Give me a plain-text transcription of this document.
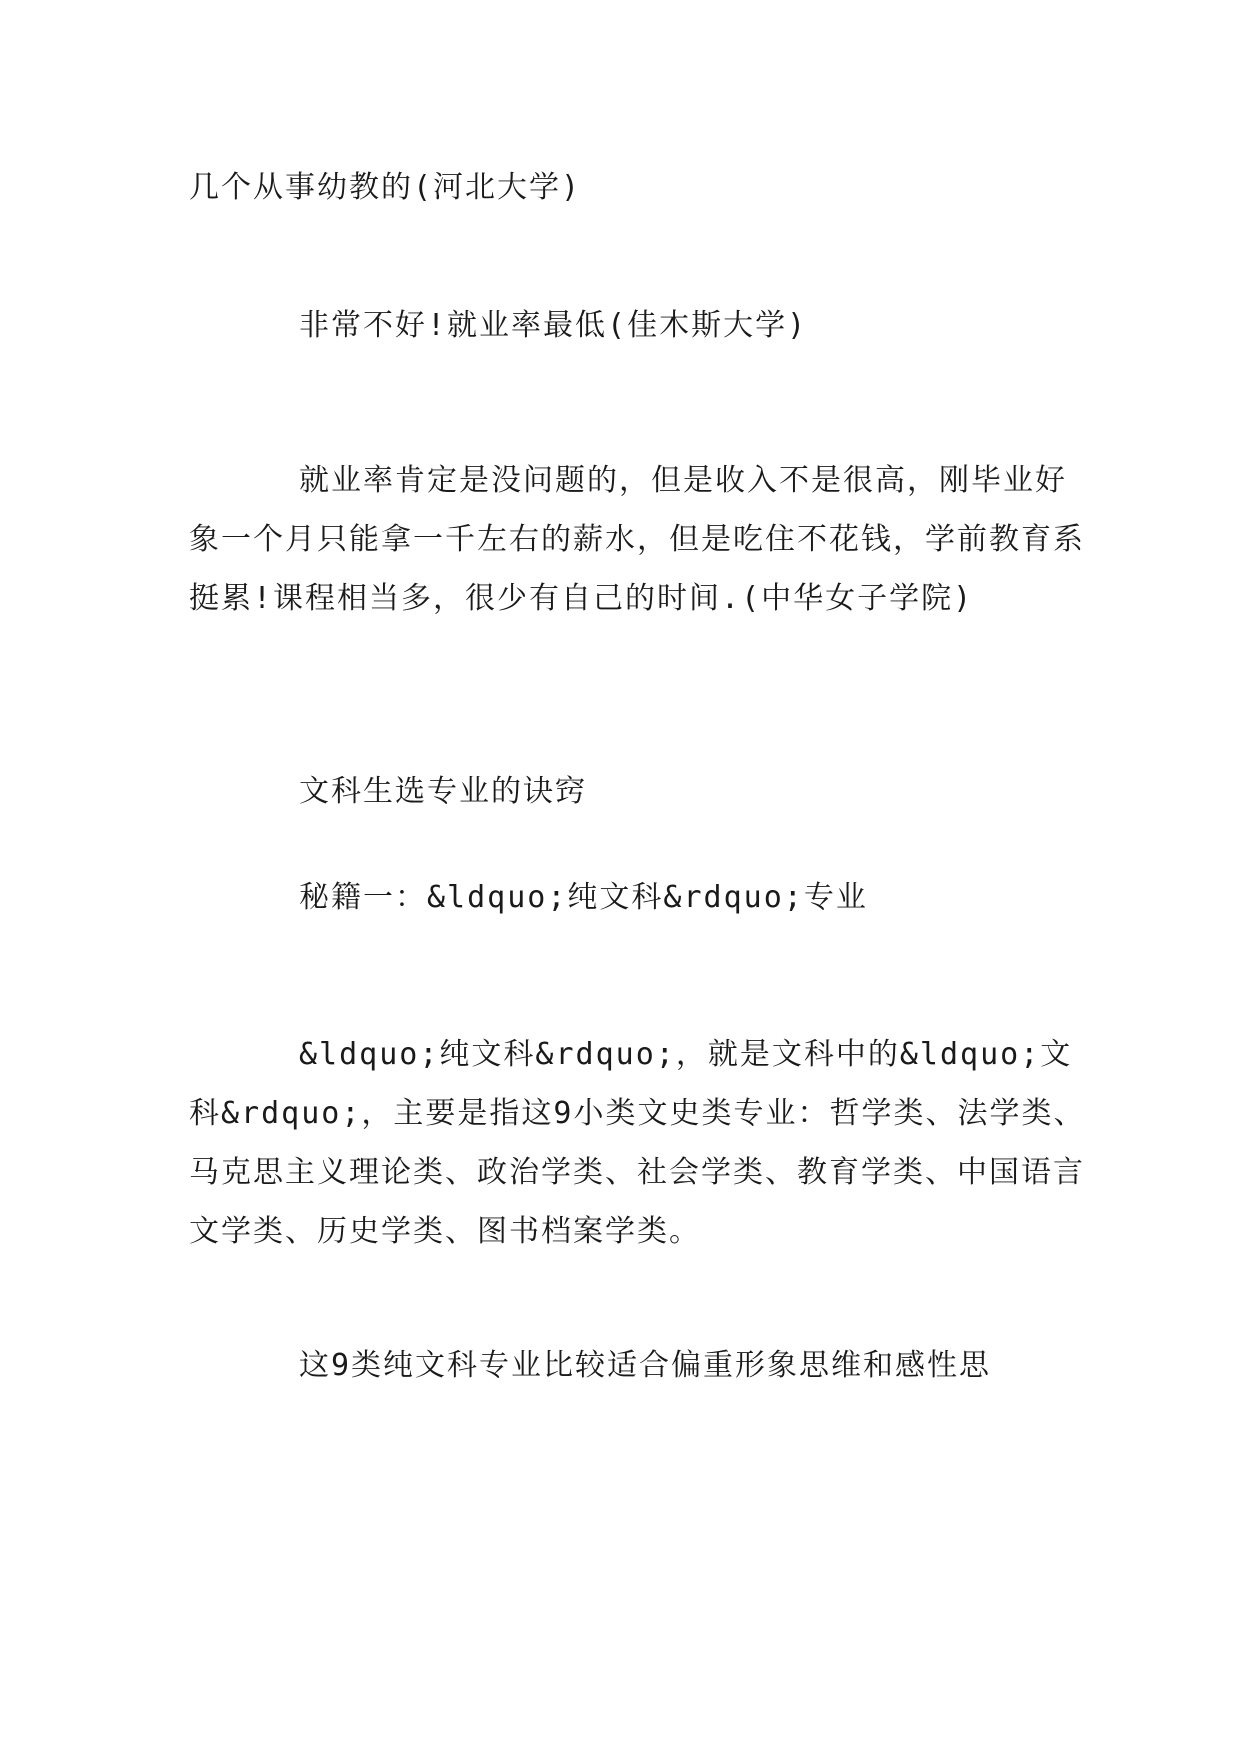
几个从事幼教的(河北大学)

非常不好!就业率最低(佳木斯大学)

就业率肯定是没问题的，但是收入不是很高，刚毕业好象一个月只能拿一千左右的薪水，但是吃住不花钱，学前教育系挺累!课程相当多，很少有自己的时间.(中华女子学院)

文科生选专业的诀窍

秘籍一：&ldquo;纯文科&rdquo;专业

&ldquo;纯文科&rdquo;，就是文科中的&ldquo;文科&rdquo;，主要是指这9小类文史类专业：哲学类、法学类、马克思主义理论类、政治学类、社会学类、教育学类、中国语言文学类、历史学类、图书档案学类。

这9类纯文科专业比较适合偏重形象思维和感性思
